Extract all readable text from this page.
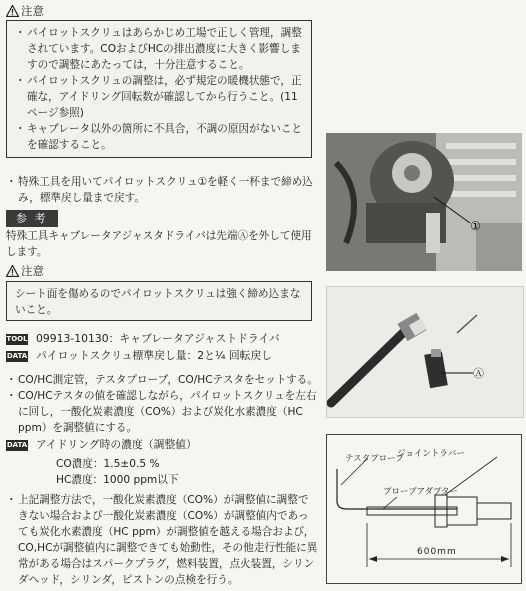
注意
・ パイロットスクリュはあらかじめ工場で正しく管理，調整されています。COおよびHCの排出濃度に大きく影響しますので調整にあたっては，十分注意すること。
・ パイロットスクリュの調整は，必ず規定の暖機状態で，正確な，アイドリング回転数が確認してから行うこと。(11ページ参照)
・ キャブレータ以外の箇所に不具合，不調の原因がないことを確認すること。
・ 特殊工具を用いてパイロットスクリュ①を軽く一杯まで締め込み，標準戻し量まで戻す。
参 考
特殊工具キャブレータアジャスタドライバは先端Ⓐを外して使用します。
注意
シート面を傷めるのでパイロットスクリュは強く締め込まないこと。
TOOL 09913-10130：キャブレータアジャストドライバ
DATA パイロットスクリュ標準戻し量：2と¼ 回転戻し
・ CO/HC測定管，テスタプローブ，CO/HCテスタをセットする。
・ CO/HCテスタの値を確認しながら，パイロットスクリュを左右に回し，一酸化炭素濃度（CO%）および炭化水素濃度（HC ppm）を調整値にする。
DATA アイドリング時の濃度（調整値）
CO濃度：1.5±0.5 %
HC濃度：1000 ppm以下
・ 上記調整方法で，一酸化炭素濃度（CO%）が調整値に調整できない場合および一酸化炭素濃度（CO%）が調整値内であっても炭化水素濃度（HC ppm）が調整値を越える場合および，CO,HCが調整値内に調整できても始動性，その他走行性能に異常がある場合はスパークプラグ，燃料装置，点火装置，シリンダヘッド，シリンダ，ピストンの点検を行う。
①
Ⓐ
ジョイントラバー
テスタプローブ
プローブアダプター
600mm
